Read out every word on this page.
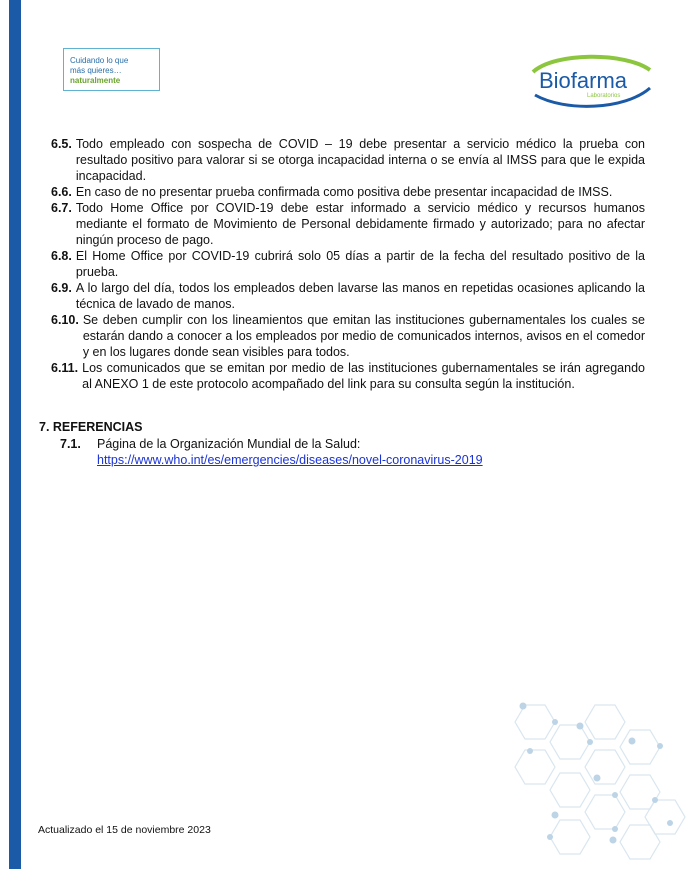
Cuidando lo que
más quieres…
naturalmente	Biofarma
Laboratorios
6.5. Todo empleado con sospecha de COVID – 19 debe presentar a servicio médico la prueba con resultado positivo para valorar si se otorga incapacidad interna o se envía al IMSS para que le expida incapacidad.
6.6. En caso de no presentar prueba confirmada como positiva debe presentar incapacidad de IMSS.
6.7. Todo Home Office por COVID-19 debe estar informado a servicio médico y recursos humanos mediante el formato de Movimiento de Personal debidamente firmado y autorizado; para no afectar ningún proceso de pago.
6.8. El Home Office por COVID-19 cubrirá solo 05 días a partir de la fecha del resultado positivo de la prueba.
6.9. A lo largo del día, todos los empleados deben lavarse las manos en repetidas ocasiones aplicando la técnica de lavado de manos.
6.10. Se deben cumplir con los lineamientos que emitan las instituciones gubernamentales los cuales se estarán dando a conocer a los empleados por medio de comunicados internos, avisos en el comedor y en los lugares donde sean visibles para todos.
6.11. Los comunicados que se emitan por medio de las instituciones gubernamentales se irán agregando al ANEXO 1 de este protocolo acompañado del link para su consulta según la institución.
7. REFERENCIAS
7.1.	Página de la Organización Mundial de la Salud:
https://www.who.int/es/emergencies/diseases/novel-coronavirus-2019
Actualizado el 15 de noviembre 2023
